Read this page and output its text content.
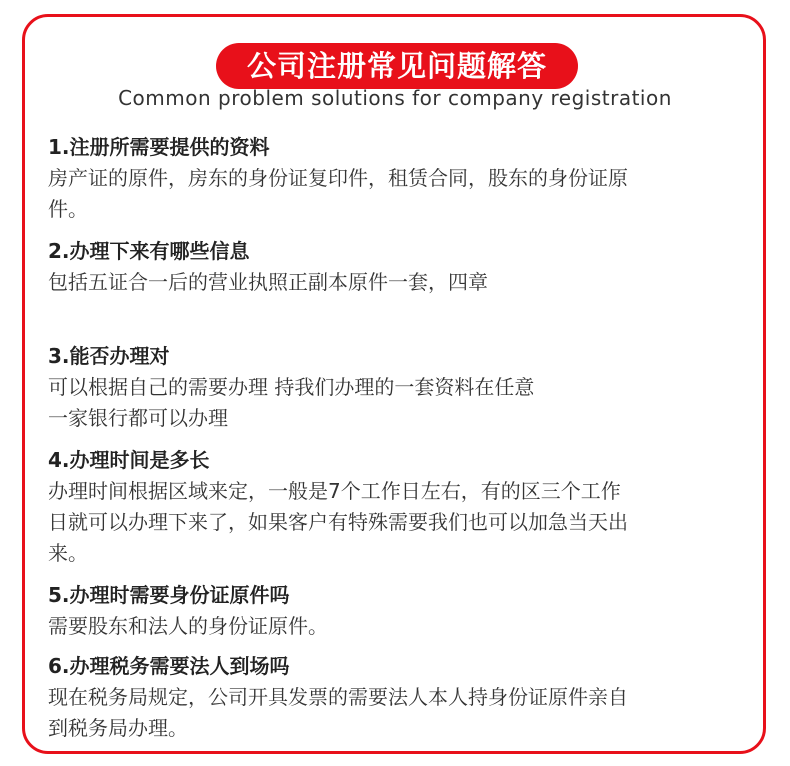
公司注册常见问题解答
Common problem solutions for company registration
1.注册所需要提供的资料
房产证的原件，房东的身份证复印件，租赁合同，股东的身份证原
件。
2.办理下来有哪些信息
包括五证合一后的营业执照正副本原件一套，四章
3.能否办理对
可以根据自己的需要办理 持我们办理的一套资料在任意
一家银行都可以办理
4.办理时间是多长
办理时间根据区域来定，一般是7个工作日左右，有的区三个工作
日就可以办理下来了，如果客户有特殊需要我们也可以加急当天出
来。
5.办理时需要身份证原件吗
需要股东和法人的身份证原件。
6.办理税务需要法人到场吗
现在税务局规定，公司开具发票的需要法人本人持身份证原件亲自
到税务局办理。
